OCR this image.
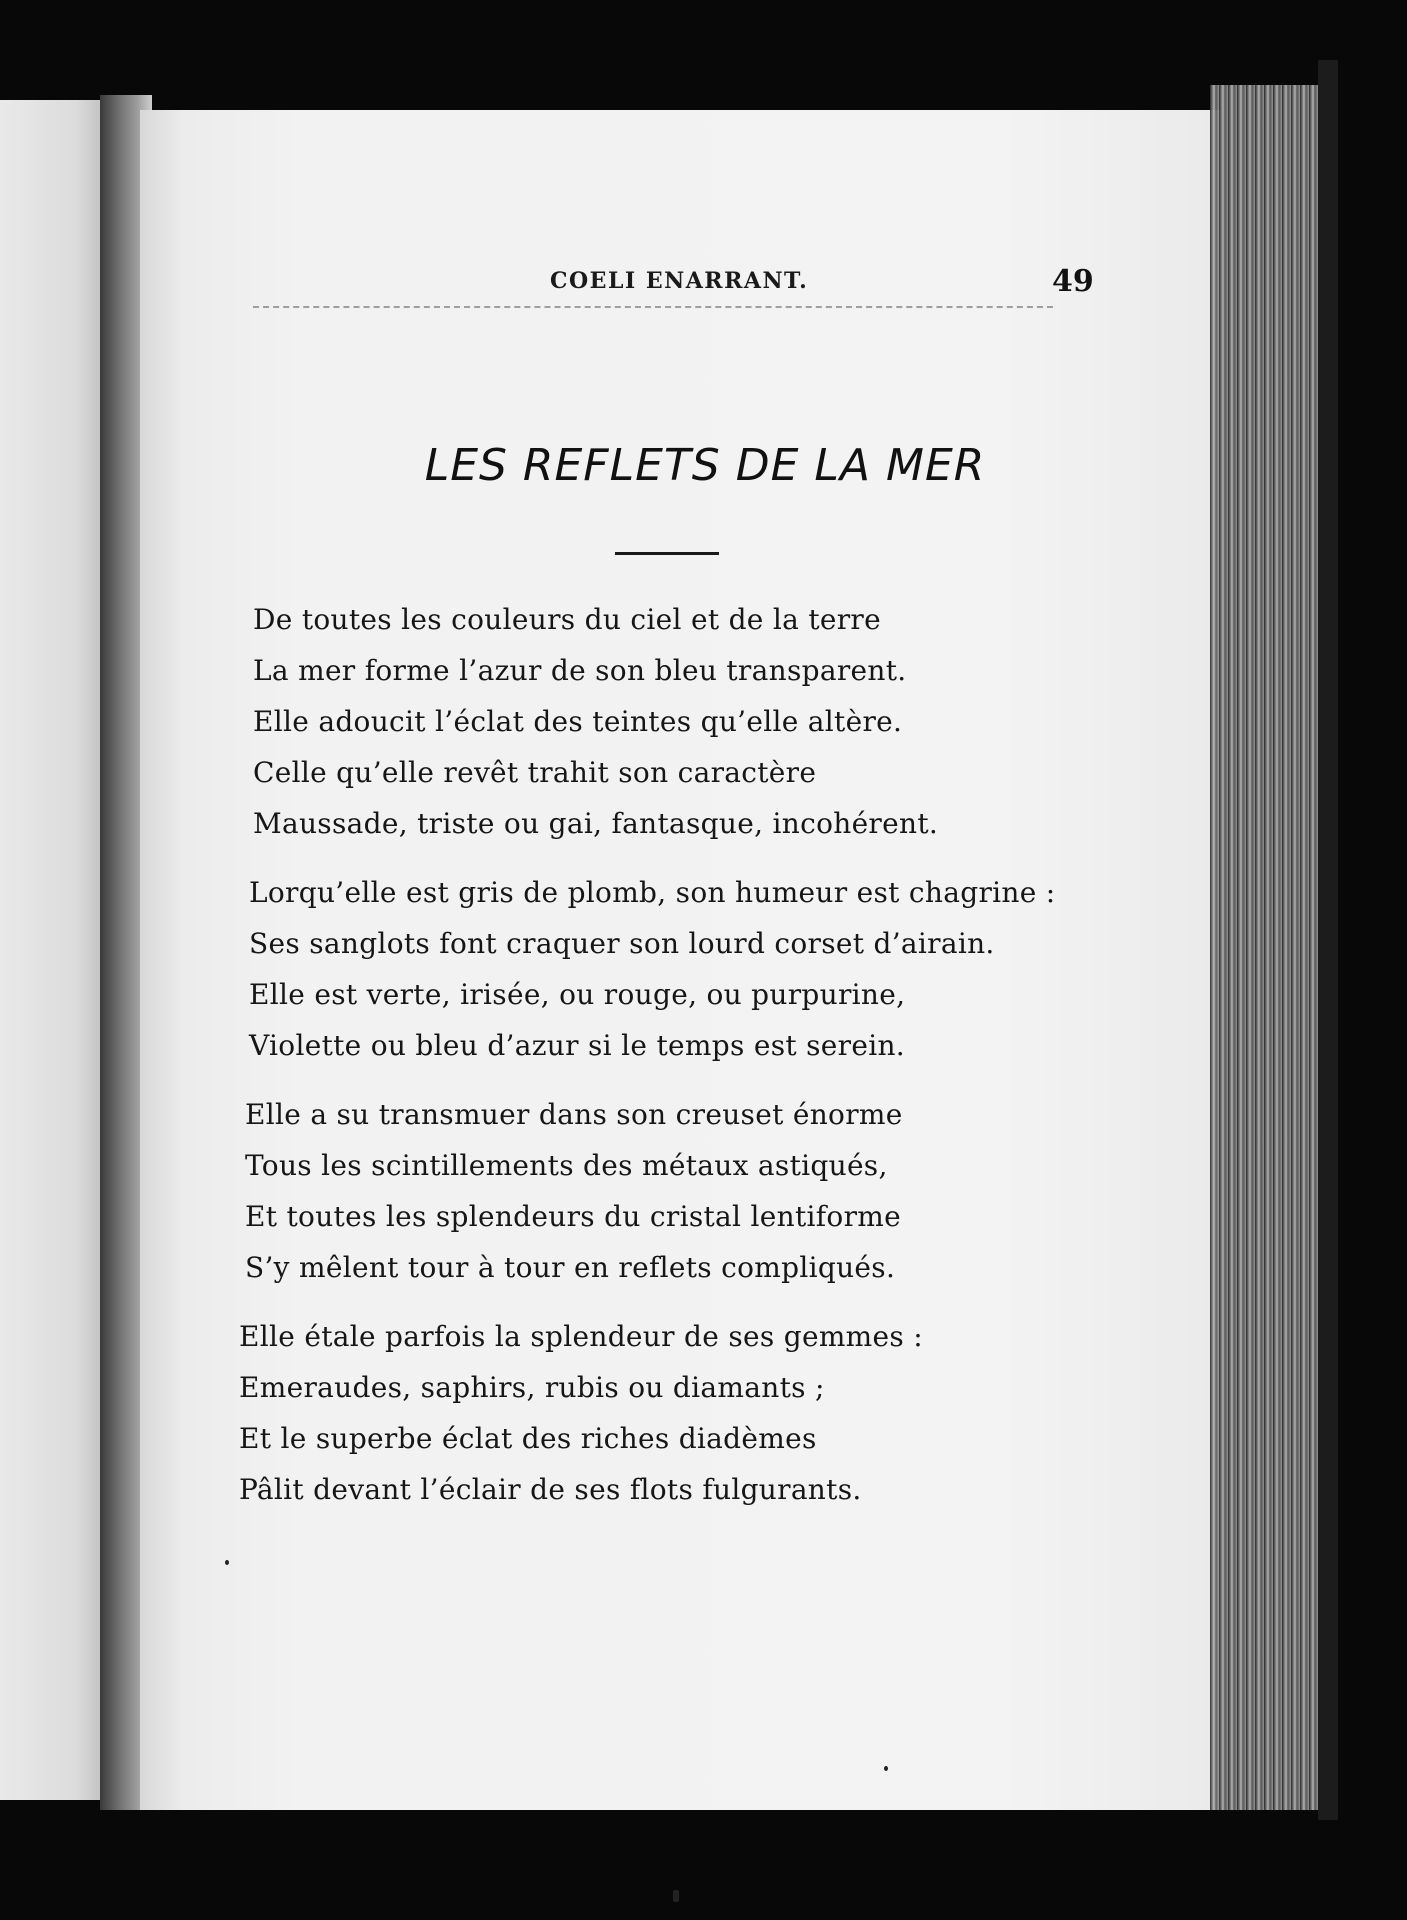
COELI ENARRANT.	49
LES REFLETS DE LA MER
De toutes les couleurs du ciel et de la terre
La mer forme l’azur de son bleu transparent.
Elle adoucit l’éclat des teintes qu’elle altère.
Celle qu’elle revêt trahit son caractère
Maussade, triste ou gai, fantasque, incohérent.
Lorqu’elle est gris de plomb, son humeur est chagrine :
Ses sanglots font craquer son lourd corset d’airain.
Elle est verte, irisée, ou rouge, ou purpurine,
Violette ou bleu d’azur si le temps est serein.
Elle a su transmuer dans son creuset énorme
Tous les scintillements des métaux astiqués,
Et toutes les splendeurs du cristal lentiforme
S’y mêlent tour à tour en reflets compliqués.
Elle étale parfois la splendeur de ses gemmes :
Emeraudes, saphirs, rubis ou diamants ;
Et le superbe éclat des riches diadèmes
Pâlit devant l’éclair de ses flots fulgurants.
